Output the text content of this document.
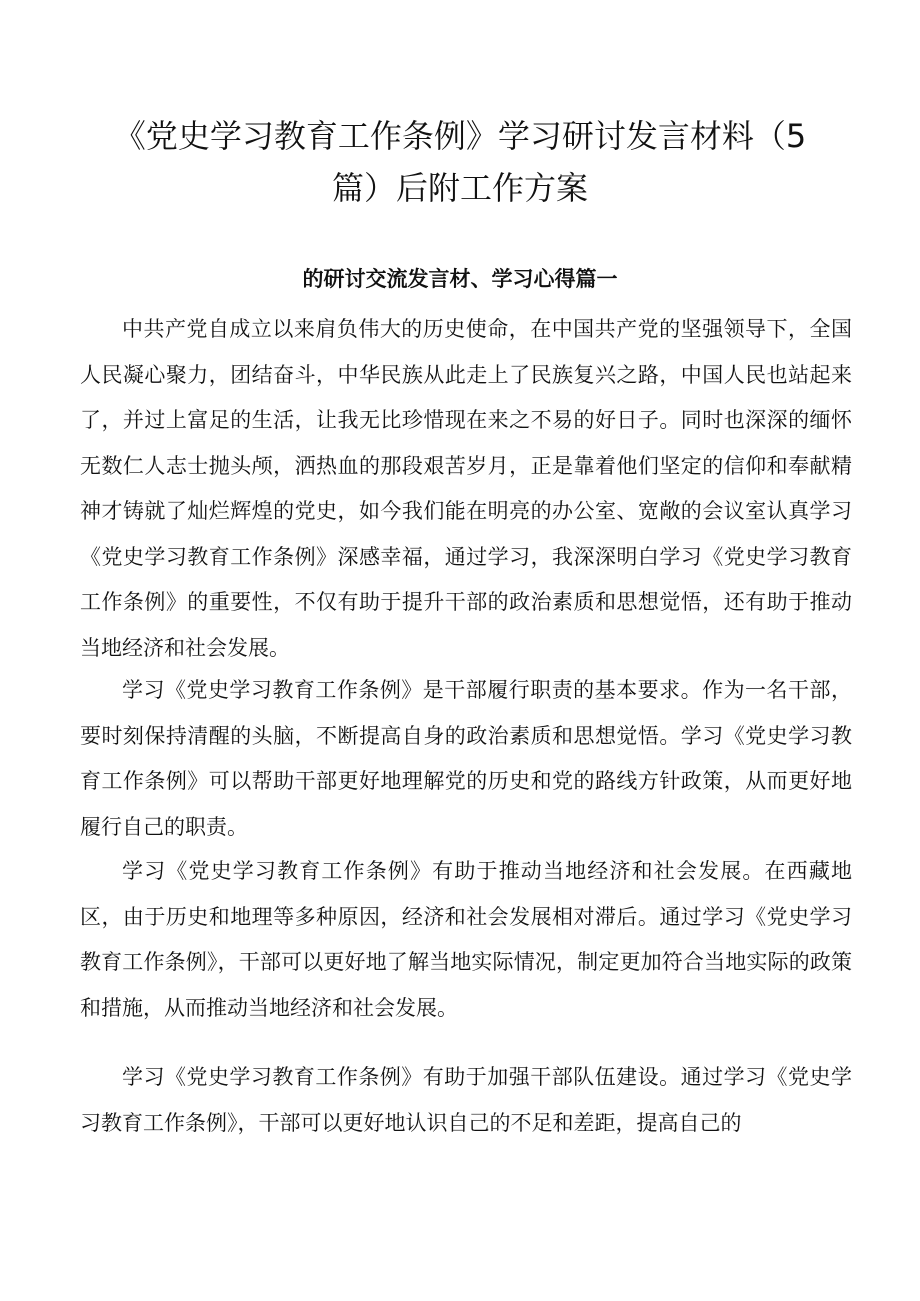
《党史学习教育工作条例》学习研讨发言材料（5篇）后附工作方案
的研讨交流发言材、学习心得篇一

中共产党自成立以来肩负伟大的历史使命，在中国共产党的坚强领导下，全国人民凝心聚力，团结奋斗，中华民族从此走上了民族复兴之路，中国人民也站起来了，并过上富足的生活，让我无比珍惜现在来之不易的好日子。同时也深深的缅怀无数仁人志士抛头颅，洒热血的那段艰苦岁月，正是靠着他们坚定的信仰和奉献精神才铸就了灿烂辉煌的党史，如今我们能在明亮的办公室、宽敞的会议室认真学习《党史学习教育工作条例》深感幸福，通过学习，我深深明白学习《党史学习教育工作条例》的重要性，不仅有助于提升干部的政治素质和思想觉悟，还有助于推动当地经济和社会发展。

学习《党史学习教育工作条例》是干部履行职责的基本要求。作为一名干部，要时刻保持清醒的头脑，不断提高自身的政治素质和思想觉悟。学习《党史学习教育工作条例》可以帮助干部更好地理解党的历史和党的路线方针政策，从而更好地履行自己的职责。

学习《党史学习教育工作条例》有助于推动当地经济和社会发展。在西藏地区，由于历史和地理等多种原因，经济和社会发展相对滞后。通过学习《党史学习教育工作条例》，干部可以更好地了解当地实际情况，制定更加符合当地实际的政策和措施，从而推动当地经济和社会发展。

学习《党史学习教育工作条例》有助于加强干部队伍建设。通过学习《党史学习教育工作条例》，干部可以更好地认识自己的不足和差距，提高自己的
